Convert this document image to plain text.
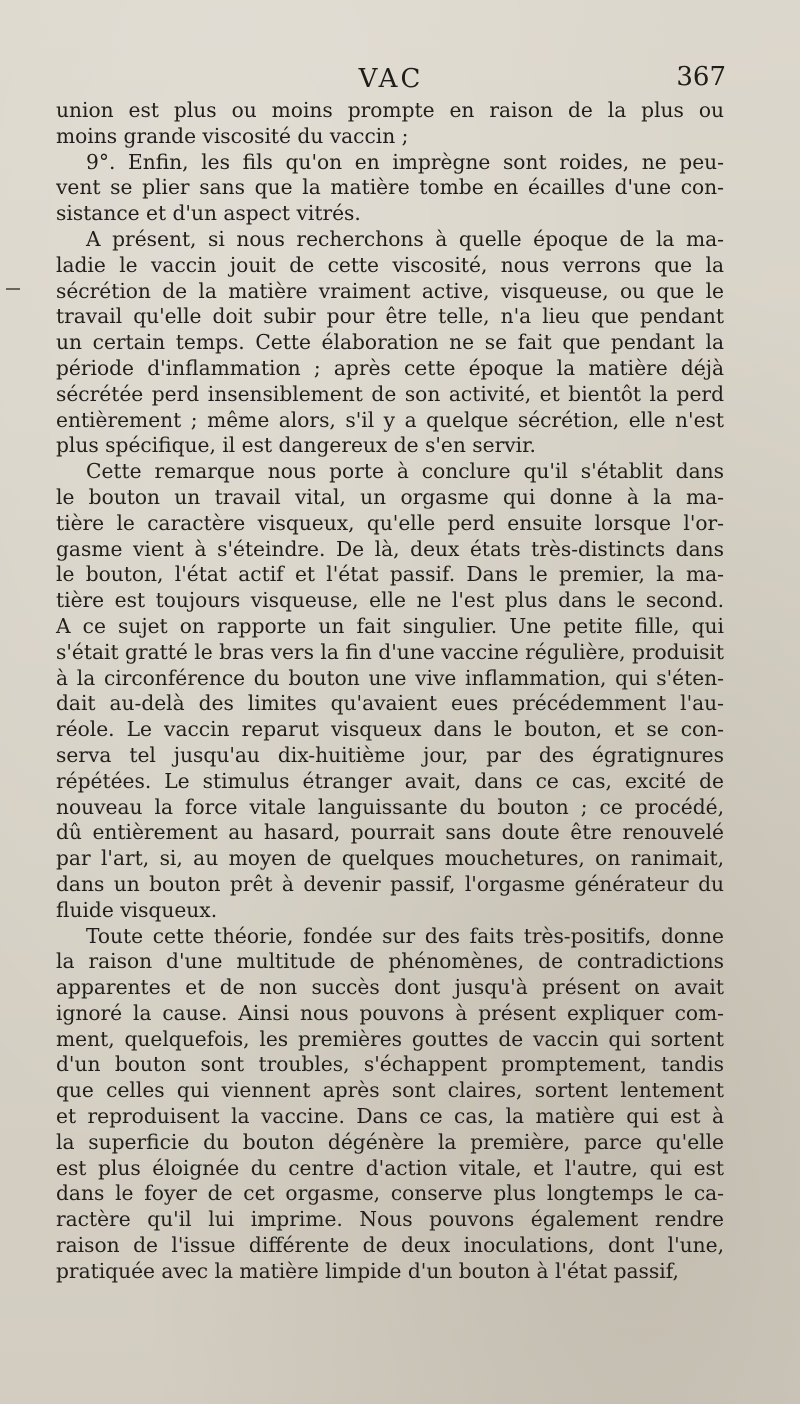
VAC	367

union est plus ou moins prompte en raison de la plus ou
moins grande viscosité du vaccin ;

9°. Enfin, les fils qu'on en imprègne sont roides, ne peu-
vent se plier sans que la matière tombe en écailles d'une con-
sistance et d'un aspect vitrés.

A présent, si nous recherchons à quelle époque de la ma-
ladie le vaccin jouit de cette viscosité, nous verrons que la
sécrétion de la matière vraiment active, visqueuse, ou que le
travail qu'elle doit subir pour être telle, n'a lieu que pendant
un certain temps. Cette élaboration ne se fait que pendant la
période d'inflammation ; après cette époque la matière déjà
sécrétée perd insensiblement de son activité, et bientôt la perd
entièrement ; même alors, s'il y a quelque sécrétion, elle n'est
plus spécifique, il est dangereux de s'en servir.

Cette remarque nous porte à conclure qu'il s'établit dans
le bouton un travail vital, un orgasme qui donne à la ma-
tière le caractère visqueux, qu'elle perd ensuite lorsque l'or-
gasme vient à s'éteindre. De là, deux états très-distincts dans
le bouton, l'état actif et l'état passif. Dans le premier, la ma-
tière est toujours visqueuse, elle ne l'est plus dans le second.
A ce sujet on rapporte un fait singulier. Une petite fille, qui
s'était gratté le bras vers la fin d'une vaccine régulière, produisit
à la circonférence du bouton une vive inflammation, qui s'éten-
dait au-delà des limites qu'avaient eues précédemment l'au-
réole. Le vaccin reparut visqueux dans le bouton, et se con-
serva tel jusqu'au dix-huitième jour, par des égratignures
répétées. Le stimulus étranger avait, dans ce cas, excité de
nouveau la force vitale languissante du bouton ; ce procédé,
dû entièrement au hasard, pourrait sans doute être renouvelé
par l'art, si, au moyen de quelques mouchetures, on ranimait,
dans un bouton prêt à devenir passif, l'orgasme générateur du
fluide visqueux.

Toute cette théorie, fondée sur des faits très-positifs, donne
la raison d'une multitude de phénomènes, de contradictions
apparentes et de non succès dont jusqu'à présent on avait
ignoré la cause. Ainsi nous pouvons à présent expliquer com-
ment, quelquefois, les premières gouttes de vaccin qui sortent
d'un bouton sont troubles, s'échappent promptement, tandis
que celles qui viennent après sont claires, sortent lentement
et reproduisent la vaccine. Dans ce cas, la matière qui est à
la superficie du bouton dégénère la première, parce qu'elle
est plus éloignée du centre d'action vitale, et l'autre, qui est
dans le foyer de cet orgasme, conserve plus longtemps le ca-
ractère qu'il lui imprime. Nous pouvons également rendre
raison de l'issue différente de deux inoculations, dont l'une,
pratiquée avec la matière limpide d'un bouton à l'état passif,
